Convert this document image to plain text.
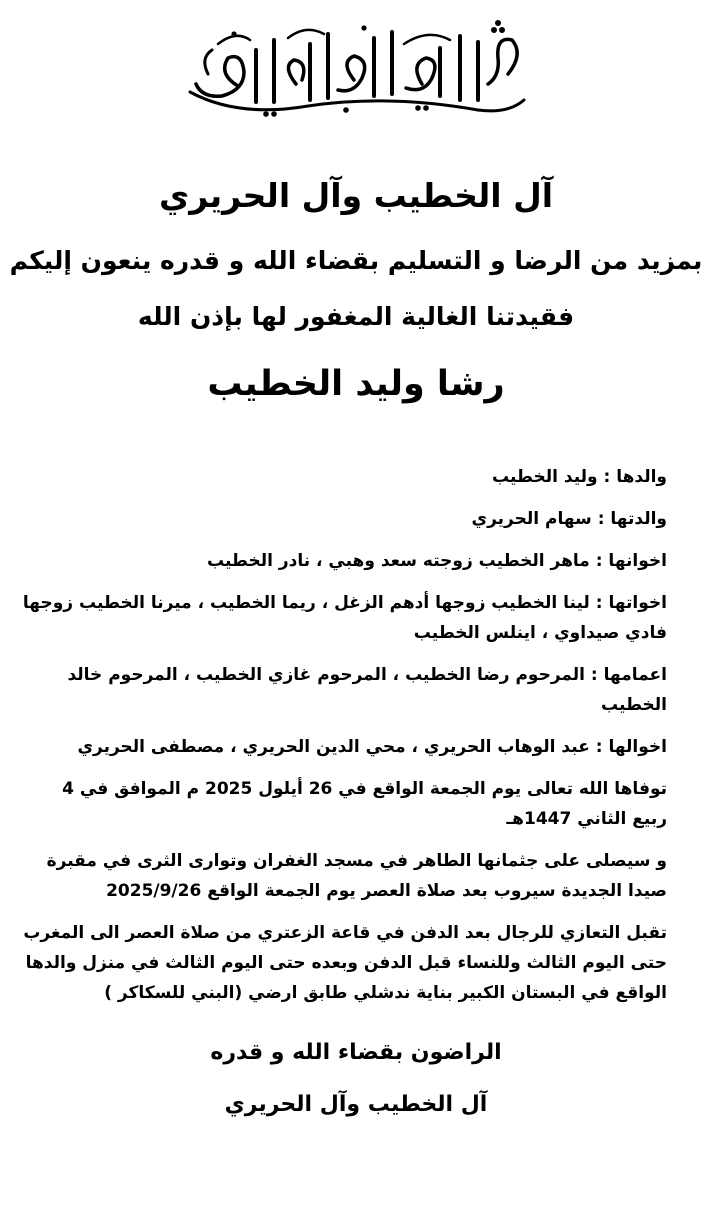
آل الخطيب وآل الحريري
بمزيد من الرضا و التسليم بقضاء الله و قدره ينعون إليكم
فقيدتنا الغالية المغفور لها بإذن الله
رشا وليد الخطيب

والدها : وليد الخطيب

والدتها : سهام الحريري

اخوانها : ماهر الخطيب زوجته سعد وهبي ، نادر الخطيب

اخواتها : لينا الخطيب زوجها أدهم الزغل ، ريما الخطيب ، ميرنا الخطيب زوجها فادي صيداوي ، اينلس الخطيب

اعمامها : المرحوم رضا الخطيب ، المرحوم غازي الخطيب ، المرحوم خالد الخطيب

اخوالها : عبد الوهاب الحريري ، محي الدين الحريري ، مصطفى الحريري

توفاها الله تعالى يوم الجمعة الواقع في 26 أيلول 2025 م الموافق في 4 ربيع الثاني 1447هـ

و سيصلى على جثمانها الطاهر في مسجد الغفران وتوارى الثرى في مقبرة صيدا الجديدة سيروب بعد صلاة العصر يوم الجمعة الواقع 2025/9/26

تقبل التعازي للرجال بعد الدفن في قاعة الزعتري من صلاة العصر الى المغرب حتى اليوم الثالث وللنساء قبل الدفن وبعده حتى اليوم الثالث في منزل والدها الواقع في البستان الكبير بناية ندشلي طابق ارضي (البني للسكاكر )

الراضون بقضاء الله و قدره
آل الخطيب وآل الحريري
